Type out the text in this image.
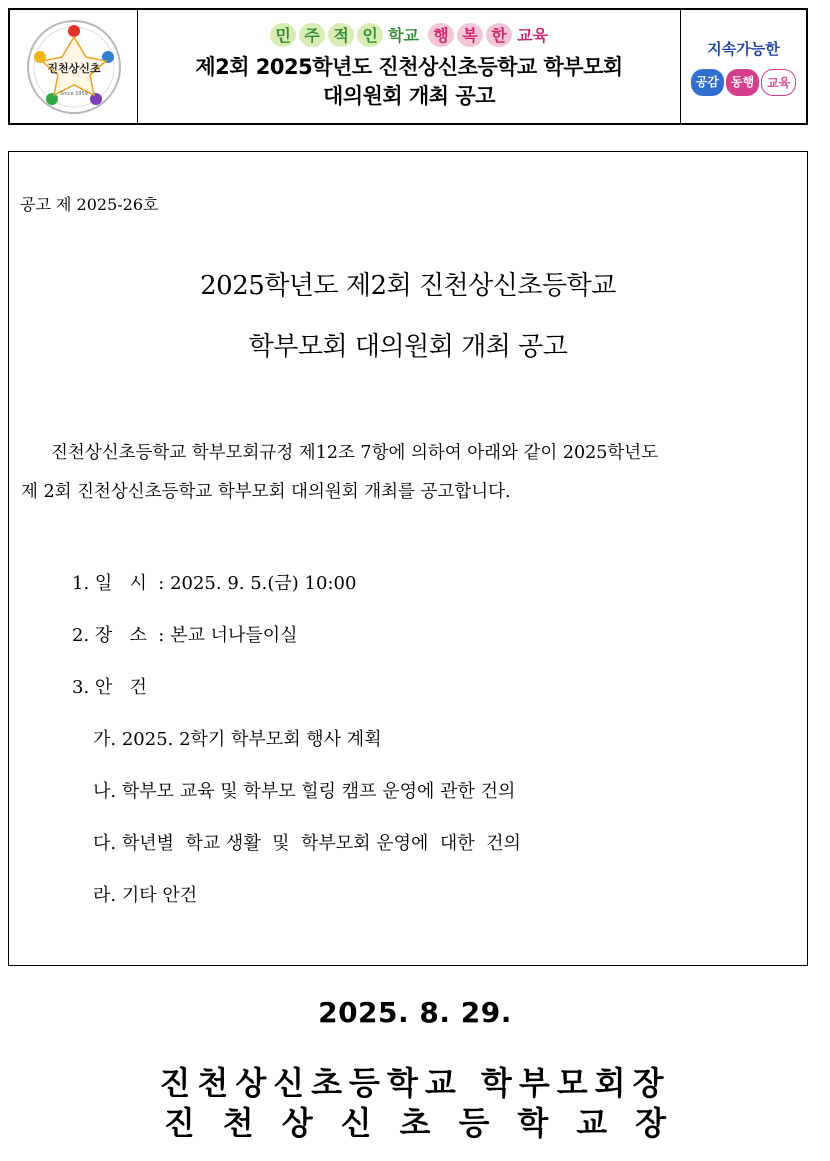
진천상신초
Since 1959
민 주 적 인 학교 행 복 한 교육
제2회 2025학년도 진천상신초등학교 학부모회
대의원회 개최 공고
지속가능한
공감	동행	교육
공고 제 2025-26호
2025학년도 제2회 진천상신초등학교
학부모회 대의원회 개최 공고
진천상신초등학교 학부모회규정 제12조 7항에 의하여 아래와 같이 2025학년도
제 2회 진천상신초등학교 학부모회 대의원회 개최를 공고합니다.
1. 일   시  : 2025. 9. 5.(금) 10:00
2. 장   소  : 본교 너나들이실
3. 안   건
가. 2025. 2학기 학부모회 행사 계획
나. 학부모 교육 및 학부모 힐링 캠프 운영에 관한 건의
다. 학년별  학교 생활  및  학부모회 운영에  대한  건의
라. 기타 안건
2025. 8. 29.
진천상신초등학교 학부모회장
진천상신초등학교장
